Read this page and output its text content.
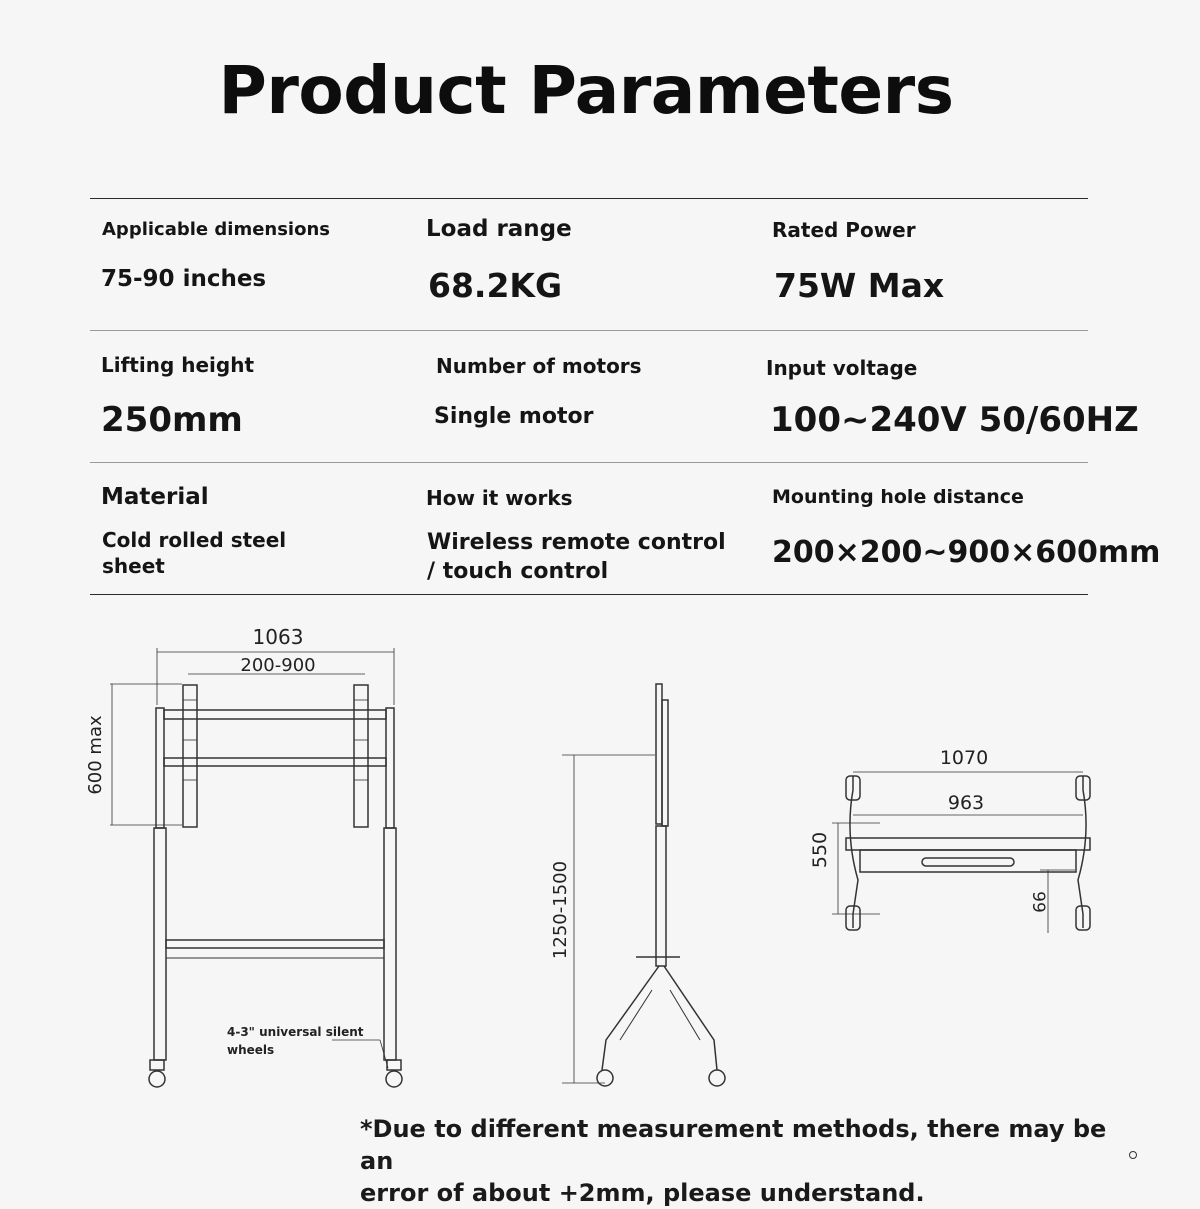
Product Parameters
Applicable dimensions
75-90 inches
Load range
68.2KG
Rated Power
75W Max
Lifting height
250mm
Number of motors
Single motor
Input voltage
100~240V 50/60HZ
Material
Cold rolled steel
sheet
How it works
Wireless remote control
/ touch control
Mounting hole distance
200×200~900×600mm
1063
200-900
600 max
4-3" universal silent
wheels
1250-1500
1070
963
550
99
*Due to different measurement methods, there may be an
error of about +2mm, please understand.
